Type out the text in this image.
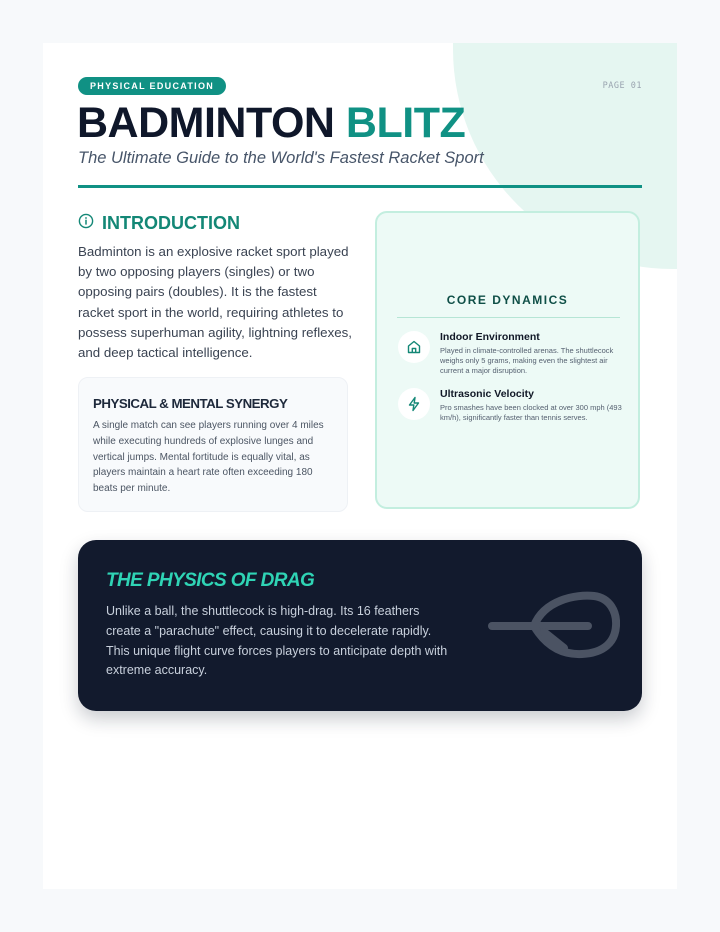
PHYSICAL EDUCATION	PAGE 01
BADMINTON BLITZ
The Ultimate Guide to the World's Fastest Racket Sport
INTRODUCTION

Badminton is an explosive racket sport played by two opposing players (singles) or two opposing pairs (doubles). It is the fastest racket sport in the world, requiring athletes to possess superhuman agility, lightning reflexes, and deep tactical intelligence.

PHYSICAL & MENTAL SYNERGY

A single match can see players running over 4 miles while executing hundreds of explosive lunges and vertical jumps. Mental fortitude is equally vital, as players maintain a heart rate often exceeding 180 beats per minute.

CORE DYNAMICS
Indoor Environment
Played in climate-controlled arenas. The shuttlecock weighs only 5 grams, making even the slightest air current a major disruption.
Ultrasonic Velocity
Pro smashes have been clocked at over 300 mph (493 km/h), significantly faster than tennis serves.
THE PHYSICS OF DRAG

Unlike a ball, the shuttlecock is high-drag. Its 16 feathers create a "parachute" effect, causing it to decelerate rapidly. This unique flight curve forces players to anticipate depth with extreme accuracy.
